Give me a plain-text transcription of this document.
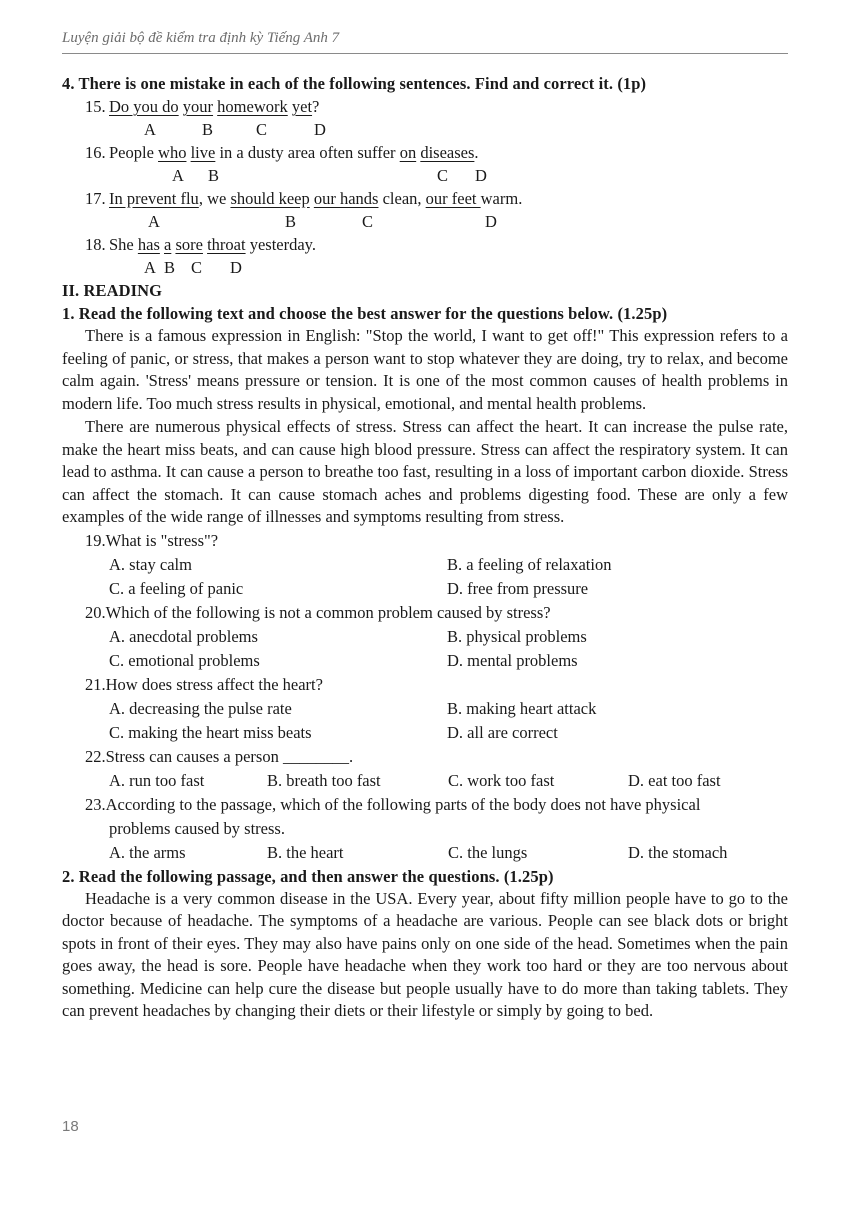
Luyện giải bộ đề kiểm tra định kỳ Tiếng Anh 7
4. There is one mistake in each of the following sentences. Find and correct it. (1p)
15. Do you do your homework yet?
A	B	C	D
16. People who live in a dusty area often suffer on diseases.
A B	C D
17. In prevent flu, we should keep our hands clean, our feet warm.
A	B	C	D
18. She has a sore throat yesterday.
A B C D
II. READING
1. Read the following text and choose the best answer for the questions below. (1.25p)
There is a famous expression in English: "Stop the world, I want to get off!" This expression refers to a feeling of panic, or stress, that makes a person want to stop whatever they are doing, try to relax, and become calm again. 'Stress' means pressure or tension. It is one of the most common causes of health problems in modern life. Too much stress results in physical, emotional, and mental health problems.
There are numerous physical effects of stress. Stress can affect the heart. It can increase the pulse rate, make the heart miss beats, and can cause high blood pressure. Stress can affect the respiratory system. It can lead to asthma. It can cause a person to breathe too fast, resulting in a loss of important carbon dioxide. Stress can affect the stomach. It can cause stomach aches and problems digesting food. These are only a few examples of the wide range of illnesses and symptoms resulting from stress.
19.What is "stress"?
A. stay calm	B. a feeling of relaxation
C. a feeling of panic	D. free from pressure
20.Which of the following is not a common problem caused by stress?
A. anecdotal problems	B. physical problems
C. emotional problems	D. mental problems
21.How does stress affect the heart?
A. decreasing the pulse rate	B. making heart attack
C. making the heart miss beats	D. all are correct
22.Stress can causes a person ________.
A. run too fast	B. breath too fast	C. work too fast	D. eat too fast
23.According to the passage, which of the following parts of the body does not have physical
problems caused by stress.
A. the arms	B. the heart	C. the lungs	D. the stomach
2. Read the following passage, and then answer the questions. (1.25p)
Headache is a very common disease in the USA. Every year, about fifty million people have to go to the doctor because of headache. The symptoms of a headache are various. People can see black dots or bright spots in front of their eyes. They may also have pains only on one side of the head. Sometimes when the pain goes away, the head is sore. People have headache when they work too hard or they are too nervous about something. Medicine can help cure the disease but people usually have to do more than taking tablets. They can prevent headaches by changing their diets or their lifestyle or simply by going to bed.
18
